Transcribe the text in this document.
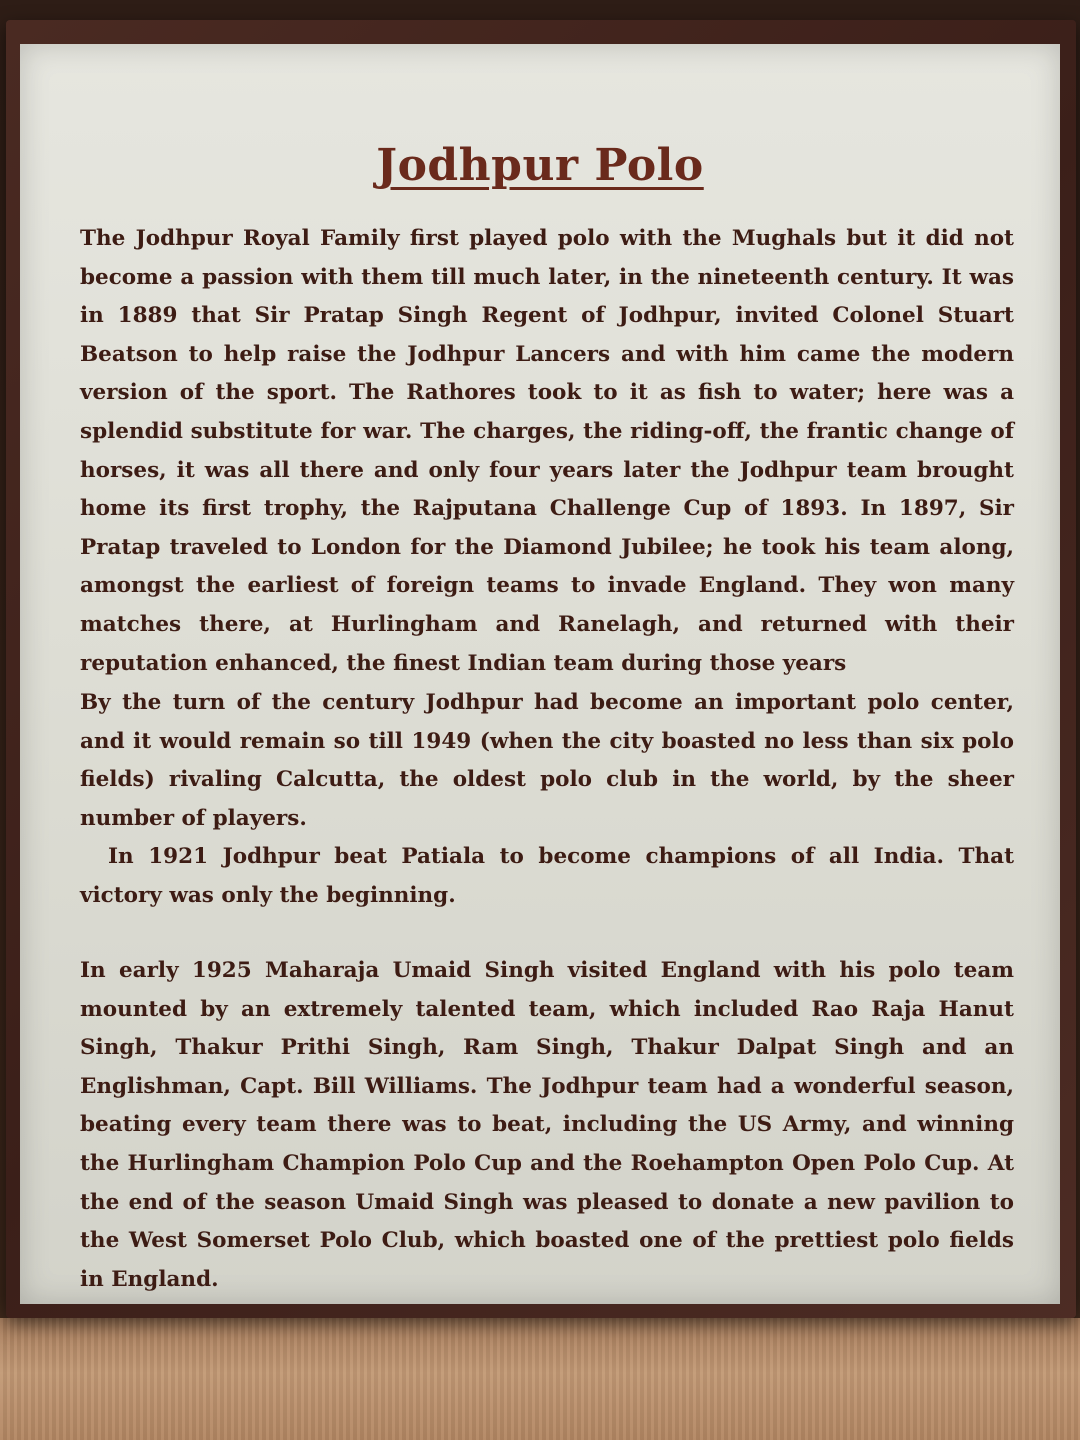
Jodhpur Polo

The Jodhpur Royal Family first played polo with the Mughals but it did not become a passion with them till much later, in the nineteenth century. It was in 1889 that Sir Pratap Singh Regent of Jodhpur, invited Colonel Stuart Beatson to help raise the Jodhpur Lancers and with him came the modern version of the sport. The Rathores took to it as fish to water; here was a splendid substitute for war. The charges, the riding-off, the frantic change of horses, it was all there and only four years later the Jodhpur team brought home its first trophy, the Rajputana Challenge Cup of 1893. In 1897, Sir Pratap traveled to London for the Diamond Jubilee; he took his team along, amongst the earliest of foreign teams to invade England. They won many matches there, at Hurlingham and Ranelagh, and returned with their reputation enhanced, the finest Indian team during those years

By the turn of the century Jodhpur had become an important polo center, and it would remain so till 1949 (when the city boasted no less than six polo fields) rivaling Calcutta, the oldest polo club in the world, by the sheer number of players.

In 1921 Jodhpur beat Patiala to become champions of all India. That victory was only the beginning.

In early 1925 Maharaja Umaid Singh visited England with his polo team mounted by an extremely talented team, which included Rao Raja Hanut Singh, Thakur Prithi Singh, Ram Singh, Thakur Dalpat Singh and an Englishman, Capt. Bill Williams. The Jodhpur team had a wonderful season, beating every team there was to beat, including the US Army, and winning the Hurlingham Champion Polo Cup and the Roehampton Open Polo Cup. At the end of the season Umaid Singh was pleased to donate a new pavilion to the West Somerset Polo Club, which boasted one of the prettiest polo fields in England.
